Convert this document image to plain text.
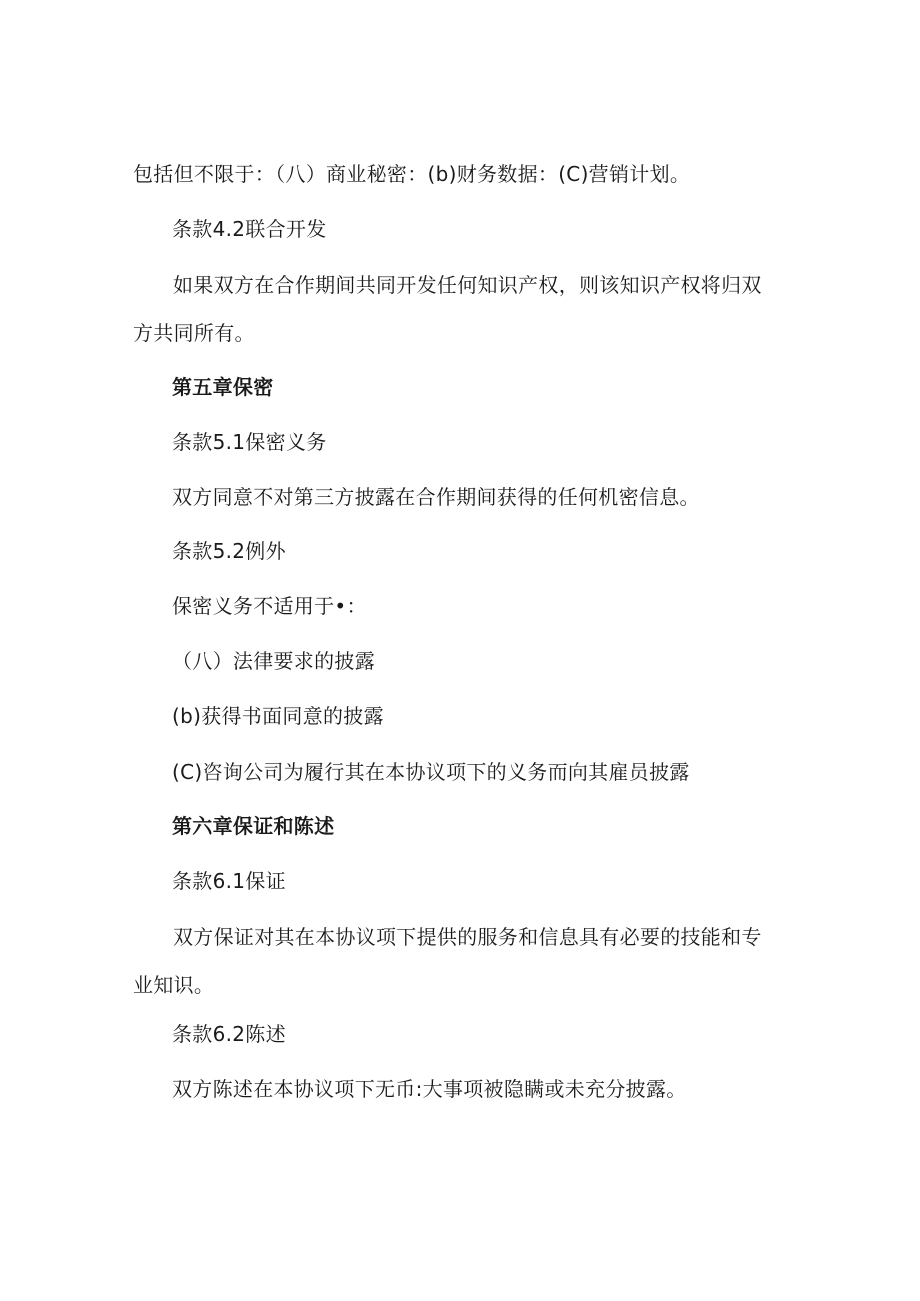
包括但不限于：（八）商业秘密：(b)财务数据：(C)营销计划。
条款4.2联合开发
如果双方在合作期间共同开发任何知识产权，则该知识产权将归双方共同所有。
第五章保密
条款5.1保密义务
双方同意不对第三方披露在合作期间获得的任何机密信息。
条款5.2例外
保密义务不适用于•：
（八）法律要求的披露
(b)获得书面同意的披露
(C)咨询公司为履行其在本协议项下的义务而向其雇员披露
第六章保证和陈述
条款6.1保证
双方保证对其在本协议项下提供的服务和信息具有必要的技能和专业知识。
条款6.2陈述
双方陈述在本协议项下无币:大事项被隐瞒或未充分披露。
